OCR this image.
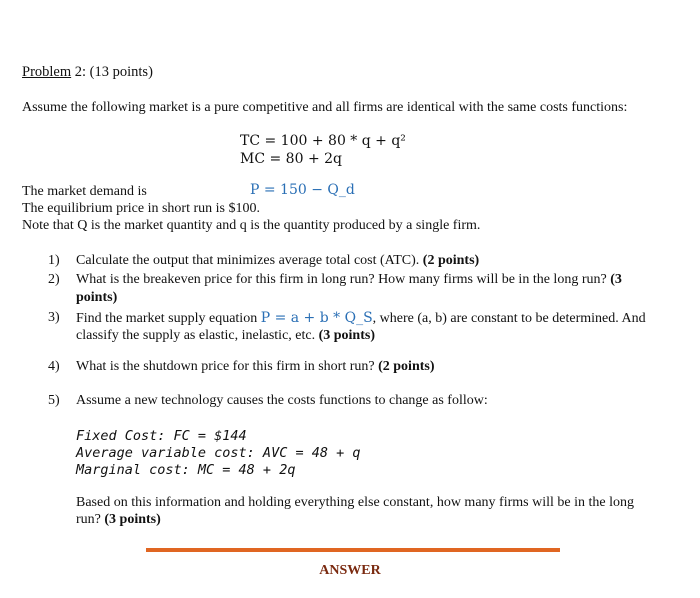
Problem 2: (13 points)
Assume the following market is a pure competitive and all firms are identical with the same costs functions:
TC = 100 + 80 * q + q²
MC = 80 + 2q
The market demand is	P = 150 − Q_d
The equilibrium price in short run is $100.
Note that Q is the market quantity and q is the quantity produced by a single firm.
1) Calculate the output that minimizes average total cost (ATC). (2 points)
2) What is the breakeven price for this firm in long run? How many firms will be in the long run? (3
points)
3) Find the market supply equation P = a + b * Q_S, where (a, b) are constant to be determined. And
classify the supply as elastic, inelastic, etc. (3 points)
4) What is the shutdown price for this firm in short run? (2 points)
5) Assume a new technology causes the costs functions to change as follow:
Fixed Cost: FC = $144
Average variable cost: AVC = 48 + q
Marginal cost: MC = 48 + 2q
Based on this information and holding everything else constant, how many firms will be in the long
run? (3 points)
ANSWER
